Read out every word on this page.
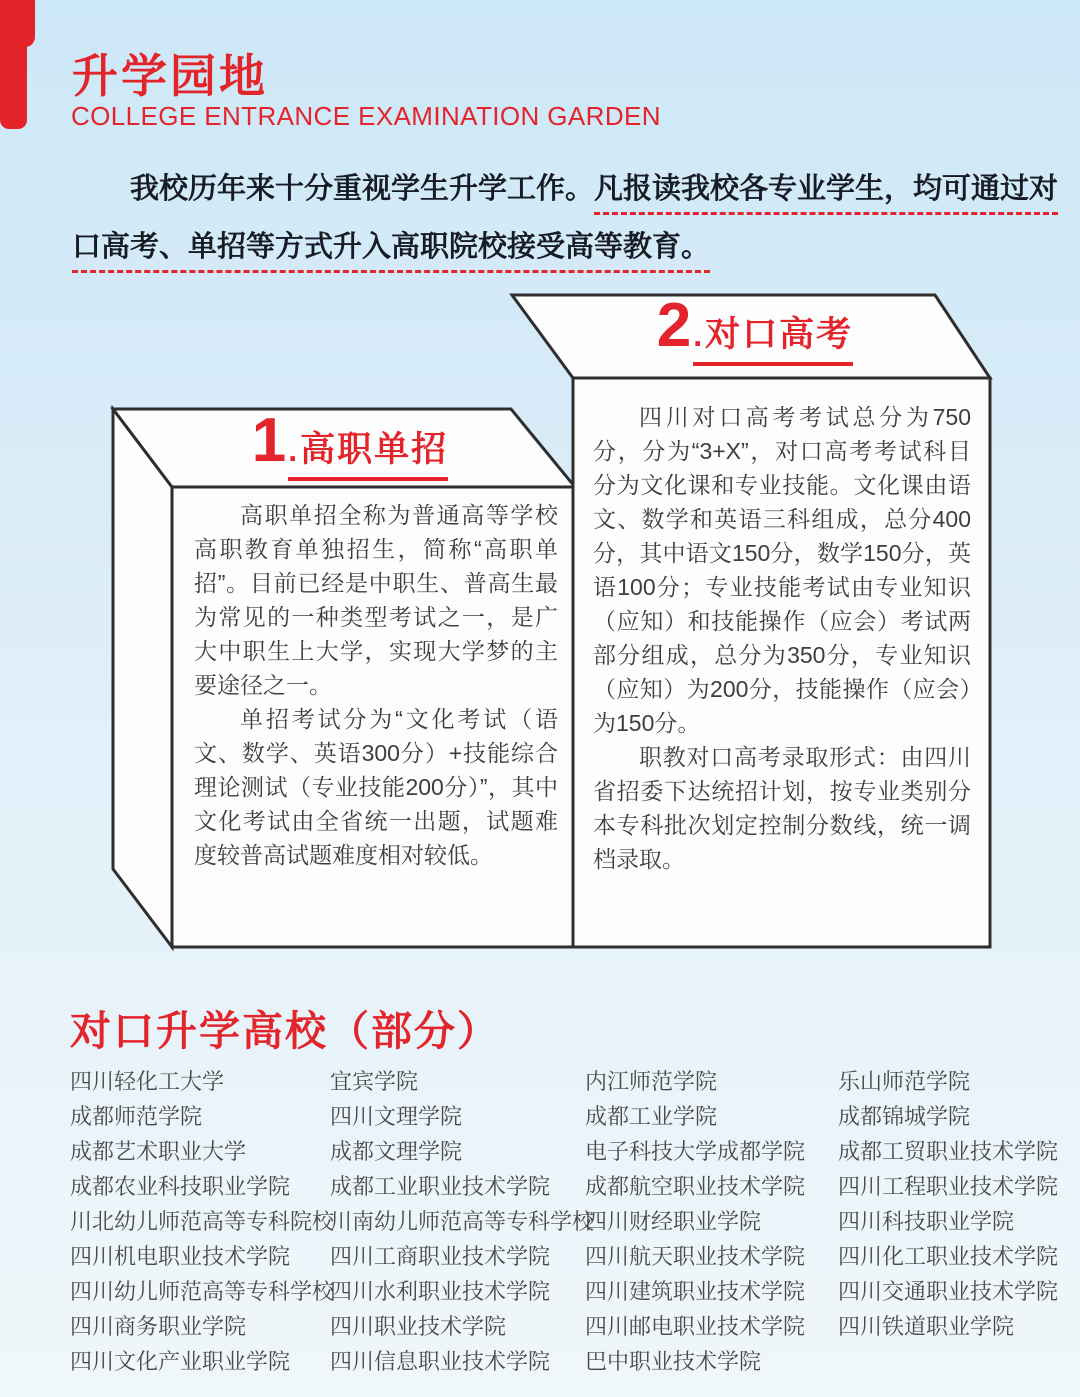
升学园地
COLLEGE ENTRANCE EXAMINATION GARDEN
我校历年来十分重视学生升学工作。凡报读我校各专业学生，均可通过对
口高考、单招等方式升入高职院校接受高等教育。
1 . 高职单招

高职单招全称为普通高等学校高职教育单独招生，简称“高职单招”。目前已经是中职生、普高生最为常见的一种类型考试之一，是广大中职生上大学，实现大学梦的主要途径之一。

单招考试分为“文化考试（语文、数学、英语300分）+技能综合理论测试（专业技能200分）”，其中文化考试由全省统一出题，试题难度较普高试题难度相对较低。

2 . 对口高考

四川对口高考考试总分为750分，分为“3+X”，对口高考考试科目分为文化课和专业技能。文化课由语文、数学和英语三科组成，总分400分，其中语文150分，数学150分，英语100分；专业技能考试由专业知识（应知）和技能操作（应会）考试两部分组成，总分为350分，专业知识（应知）为200分，技能操作（应会）为150分。

职教对口高考录取形式：由四川省招委下达统招计划，按专业类别分本专科批次划定控制分数线，统一调档录取。

对口升学高校（部分）
四川轻化工大学
成都师范学院
成都艺术职业大学
成都农业科技职业学院
川北幼儿师范高等专科院校
四川机电职业技术学院
四川幼儿师范高等专科学校
四川商务职业学院
四川文化产业职业学院
宜宾学院
四川文理学院
成都文理学院
成都工业职业技术学院
川南幼儿师范高等专科学校
四川工商职业技术学院
四川水利职业技术学院
四川职业技术学院
四川信息职业技术学院
内江师范学院
成都工业学院
电子科技大学成都学院
成都航空职业技术学院
四川财经职业学院
四川航天职业技术学院
四川建筑职业技术学院
四川邮电职业技术学院
巴中职业技术学院
乐山师范学院
成都锦城学院
成都工贸职业技术学院
四川工程职业技术学院
四川科技职业学院
四川化工职业技术学院
四川交通职业技术学院
四川铁道职业学院
